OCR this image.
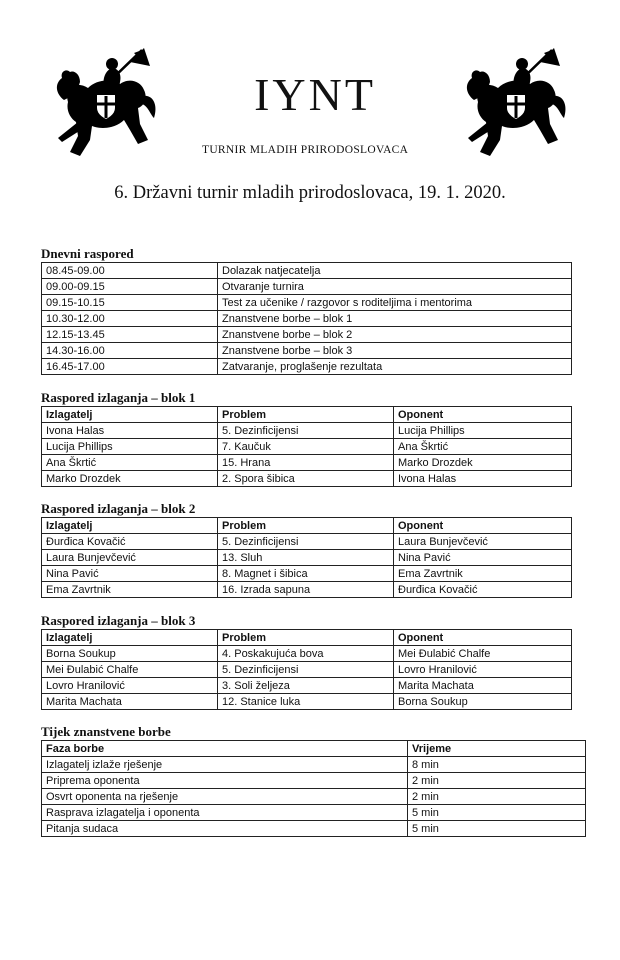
IYNT
TURNIR MLADIH PRIRODOSLOVACA
6. Državni turnir mladih prirodoslovaca, 19. 1. 2020.
Dnevni raspored
08.45-09.00	Dolazak natjecatelja
09.00-09.15	Otvaranje turnira
09.15-10.15	Test za učenike / razgovor s roditeljima i mentorima
10.30-12.00	Znanstvene borbe – blok 1
12.15-13.45	Znanstvene borbe – blok 2
14.30-16.00	Znanstvene borbe – blok 3
16.45-17.00	Zatvaranje, proglašenje rezultata
Raspored izlaganja – blok 1
Izlagatelj	Problem	Oponent
Ivona Halas	5. Dezinficijensi	Lucija Phillips
Lucija Phillips	7. Kaučuk	Ana Škrtić
Ana Škrtić	15. Hrana	Marko Drozdek
Marko Drozdek	2. Spora šibica	Ivona Halas
Raspored izlaganja – blok 2
Izlagatelj	Problem	Oponent
Đurđica Kovačić	5. Dezinficijensi	Laura Bunjevčević
Laura Bunjevčević	13. Sluh	Nina Pavić
Nina Pavić	8. Magnet i šibica	Ema Zavrtnik
Ema Zavrtnik	16. Izrada sapuna	Đurđica Kovačić
Raspored izlaganja – blok 3
Izlagatelj	Problem	Oponent
Borna Soukup	4. Poskakujuća bova	Mei Đulabić Chalfe
Mei Đulabić Chalfe	5. Dezinficijensi	Lovro Hranilović
Lovro Hranilović	3. Soli željeza	Marita Machata
Marita Machata	12. Stanice luka	Borna Soukup
Tijek znanstvene borbe
Faza borbe	Vrijeme
Izlagatelj izlaže rješenje	8 min
Priprema oponenta	2 min
Osvrt oponenta na rješenje	2 min
Rasprava izlagatelja i oponenta	5 min
Pitanja sudaca	5 min
